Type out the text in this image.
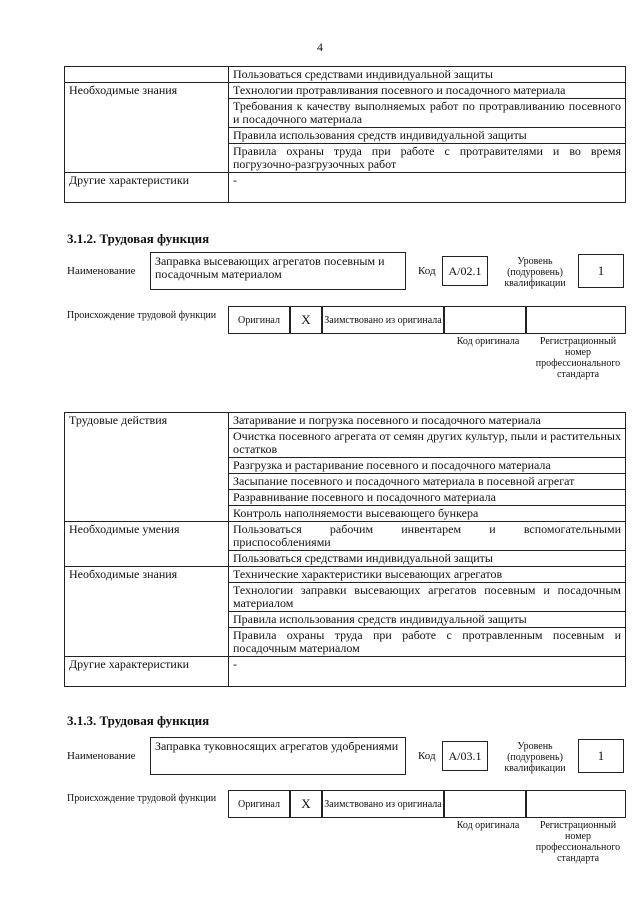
4
	Пользоваться средствами индивидуальной защиты
Необходимые знания	Технологии протравливания посевного и посадочного материала
	Требования к качеству выполняемых работ по протравливанию посевного и посадочного материала
	Правила использования средств индивидуальной защиты
	Правила охраны труда при работе с протравителями и во время погрузочно-разгрузочных работ
Другие характеристики	-
3.1.2. Трудовая функция
Наименование
Заправка высевающих агрегатов посевным и посадочным материалом	Код	А/02.1
Уровень (подуровень) квалификации
1
Происхождение трудовой функции	Оригинал	X	Заимствовано из оригинала
Код оригинала	Регистрационный номер профессионального стандарта
Трудовые действия	Затаривание и погрузка посевного и посадочного материала
	Очистка посевного агрегата от семян других культур, пыли и растительных остатков
	Разгрузка и растаривание посевного и посадочного материала
	Засыпание посевного и посадочного материала в посевной агрегат
	Разравнивание посевного и посадочного материала
	Контроль наполняемости высевающего бункера
Необходимые умения	Пользоваться рабочим инвентарем и вспомогательными приспособлениями
	Пользоваться средствами индивидуальной защиты
Необходимые знания	Технические характеристики высевающих агрегатов
	Технологии заправки высевающих агрегатов посевным и посадочным материалом
	Правила использования средств индивидуальной защиты
	Правила охраны труда при работе с протравленным посевным и посадочным материалом
Другие характеристики	-
3.1.3. Трудовая функция
Наименование
Заправка туковносящих агрегатов удобрениями
Код	А/03.1
Уровень (подуровень) квалификации
1
Происхождение трудовой функции	Оригинал	X	Заимствовано из оригинала
Код оригинала	Регистрационный номер профессионального стандарта
